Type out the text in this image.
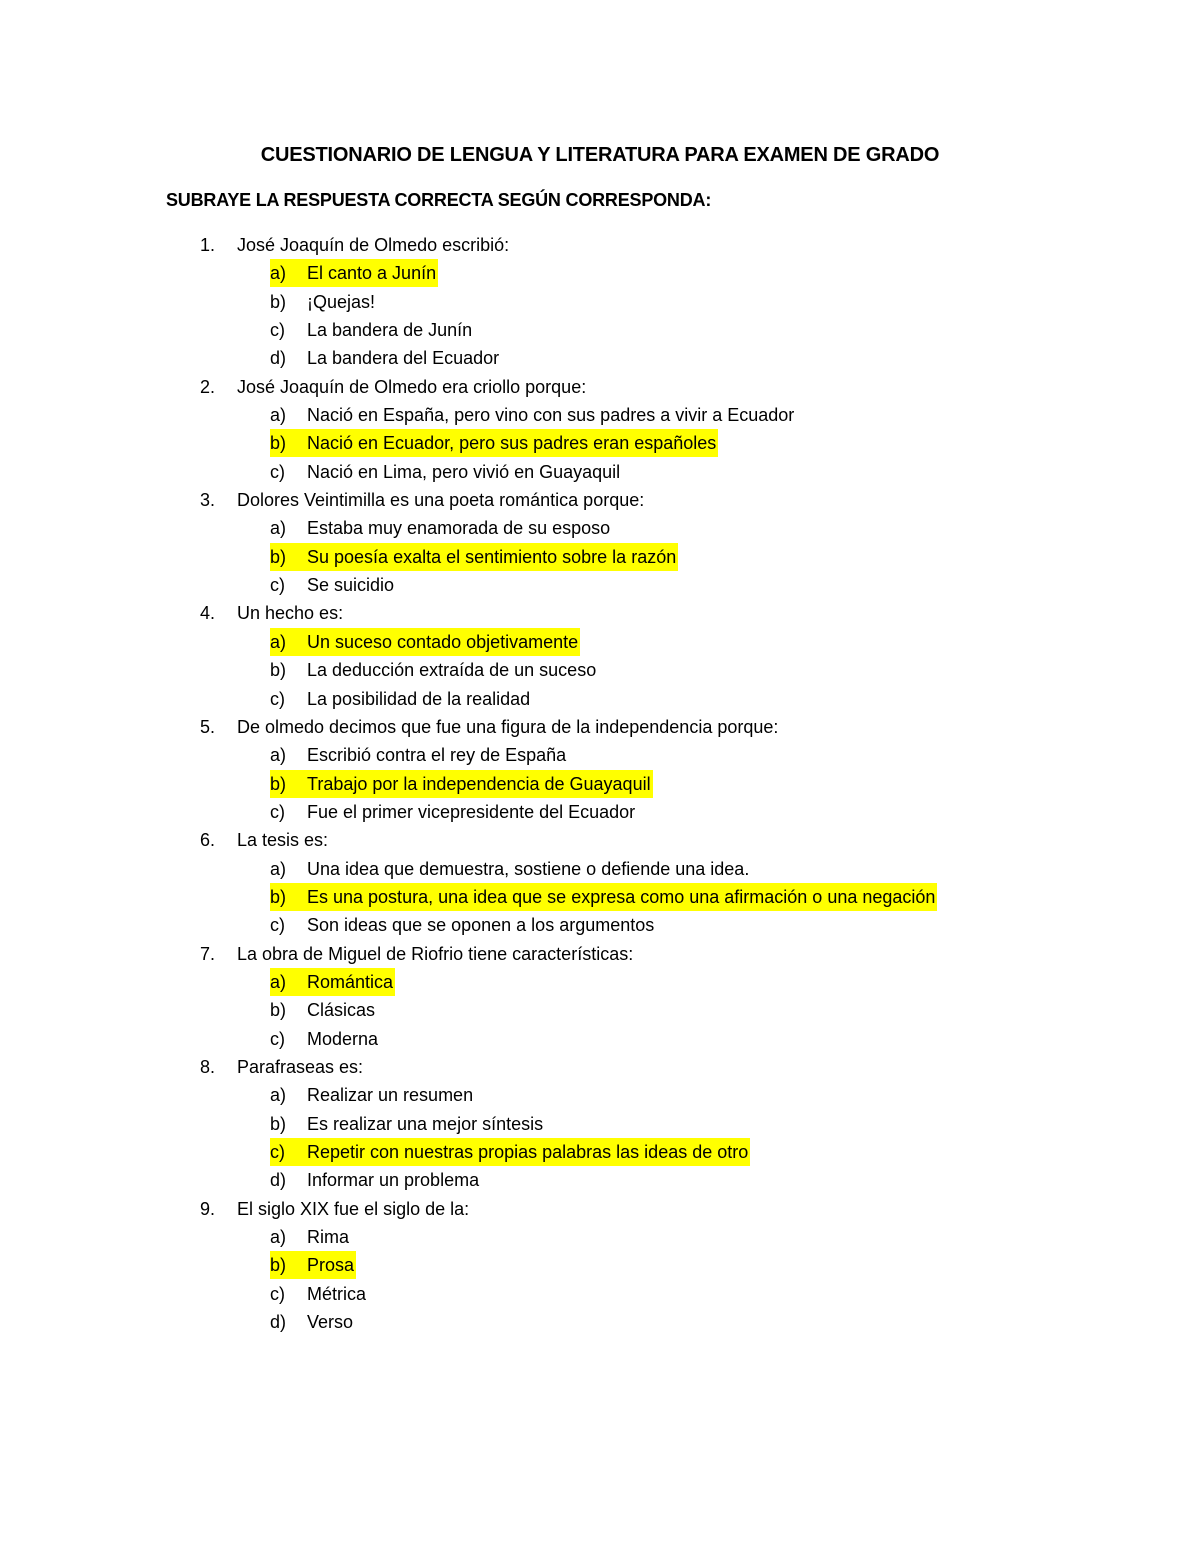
CUESTIONARIO DE LENGUA Y LITERATURA PARA EXAMEN DE GRADO
SUBRAYE LA RESPUESTA CORRECTA SEGÚN CORRESPONDA:
1.	José Joaquín de Olmedo escribió:
a) El canto a Junín
b) ¡Quejas!
c) La bandera de Junín
d) La bandera del Ecuador
2.	José Joaquín de Olmedo era criollo porque:
a) Nació en España, pero vino con sus padres a vivir a Ecuador
b) Nació en Ecuador, pero sus padres eran españoles
c) Nació en Lima, pero vivió en Guayaquil
3.	Dolores Veintimilla es una poeta romántica porque:
a) Estaba muy enamorada de su esposo
b) Su poesía exalta el sentimiento sobre la razón
c) Se suicidio
4.	Un hecho es:
a) Un suceso contado objetivamente
b) La deducción extraída de un suceso
c) La posibilidad de la realidad
5.	De olmedo decimos que fue una figura de la independencia porque:
a) Escribió contra el rey de España
b) Trabajo por la independencia de Guayaquil
c) Fue el primer vicepresidente del Ecuador
6.	La tesis es:
a) Una idea que demuestra, sostiene o defiende una idea.
b) Es una postura, una idea que se expresa como una afirmación o una negación
c) Son ideas que se oponen a los argumentos
7.	La obra de Miguel de Riofrio tiene características:
a) Romántica
b) Clásicas
c) Moderna
8.	Parafraseas es:
a) Realizar un resumen
b) Es realizar una mejor síntesis
c) Repetir con nuestras propias palabras las ideas de otro
d) Informar un problema
9.	El siglo XIX fue el siglo de la:
a) Rima
b) Prosa
c) Métrica
d) Verso
